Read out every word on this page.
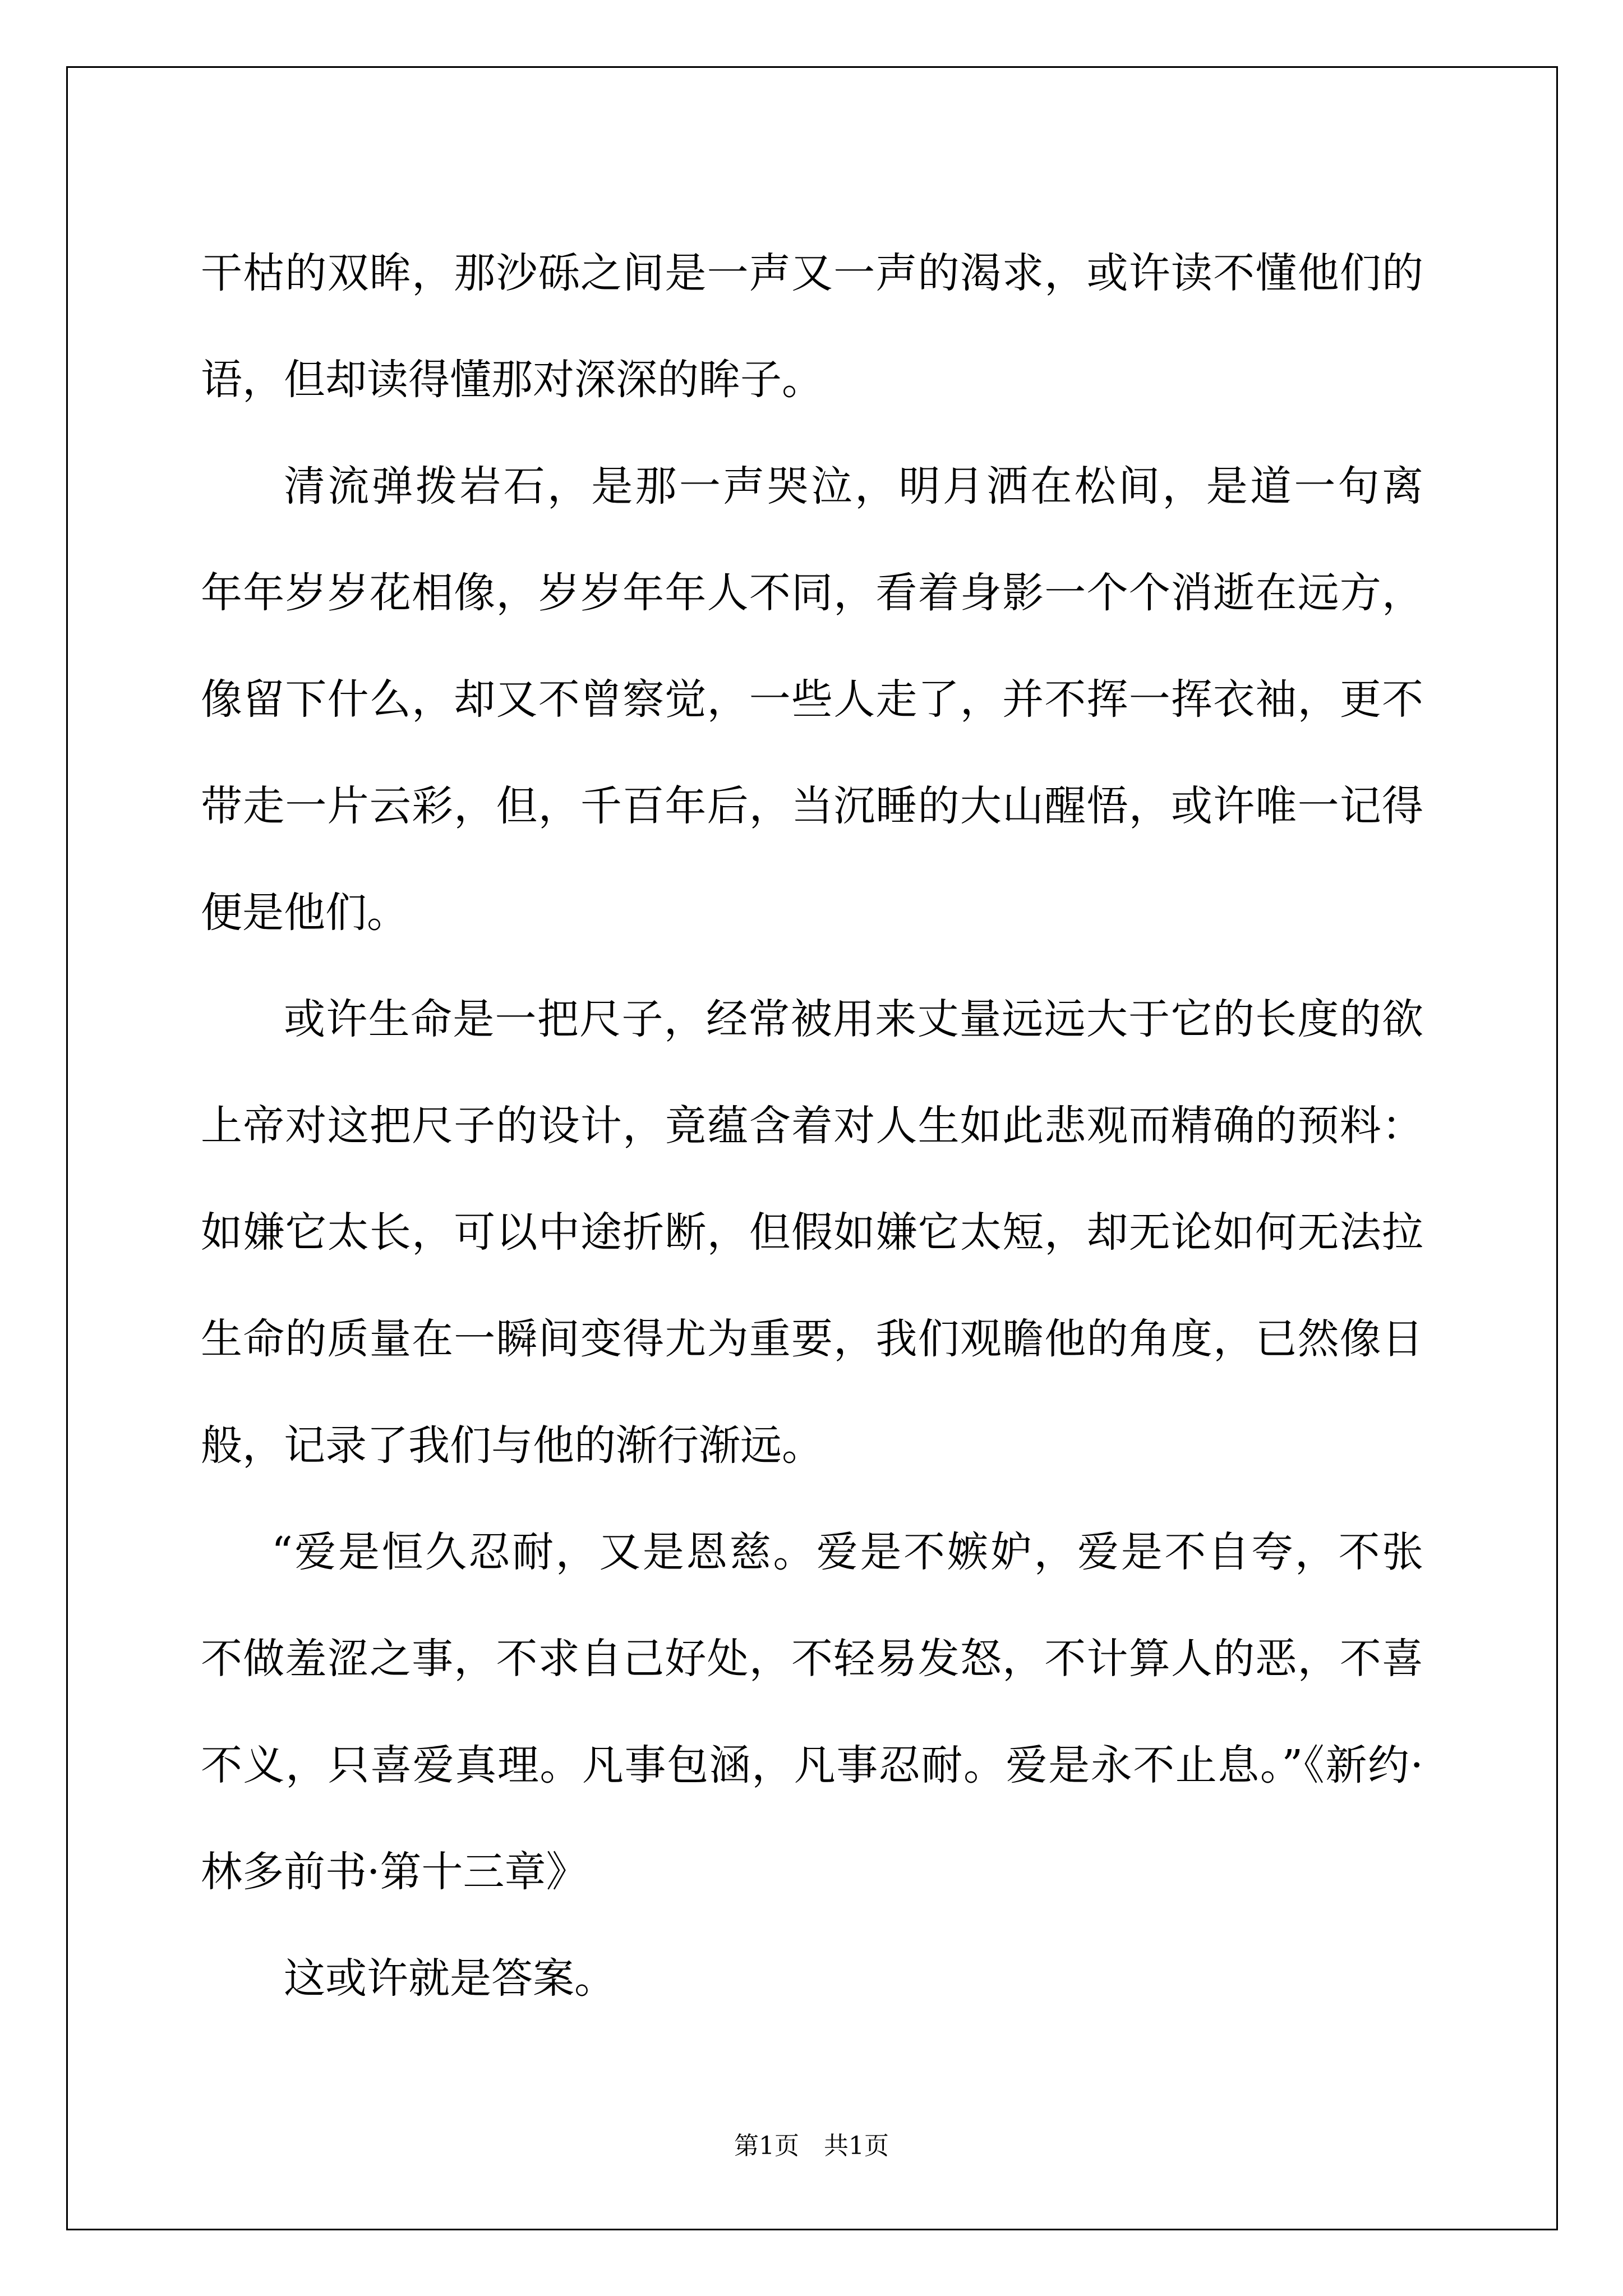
干枯的双眸，那沙砾之间是一声又一声的渴求，或许读不懂他们的
语，但却读得懂那对深深的眸子。
清流弹拨岩石，是那一声哭泣，明月洒在松间，是道一句离
年年岁岁花相像，岁岁年年人不同，看着身影一个个消逝在远方，
像留下什么，却又不曾察觉，一些人走了，并不挥一挥衣袖，更不
带走一片云彩，但，千百年后，当沉睡的大山醒悟，或许唯一记得
便是他们。
或许生命是一把尺子，经常被用来丈量远远大于它的长度的欲
上帝对这把尺子的设计，竟蕴含着对人生如此悲观而精确的预料：
如嫌它太长，可以中途折断，但假如嫌它太短，却无论如何无法拉
生命的质量在一瞬间变得尤为重要，我们观瞻他的角度，已然像日
般，记录了我们与他的渐行渐远。
“爱是恒久忍耐，又是恩慈。爱是不嫉妒，爱是不自夸，不张
不做羞涩之事，不求自己好处，不轻易发怒，不计算人的恶，不喜
不义，只喜爱真理。凡事包涵，凡事忍耐。爱是永不止息。”《新约·
林多前书·第十三章》
这或许就是答案。
第1页 共1页
